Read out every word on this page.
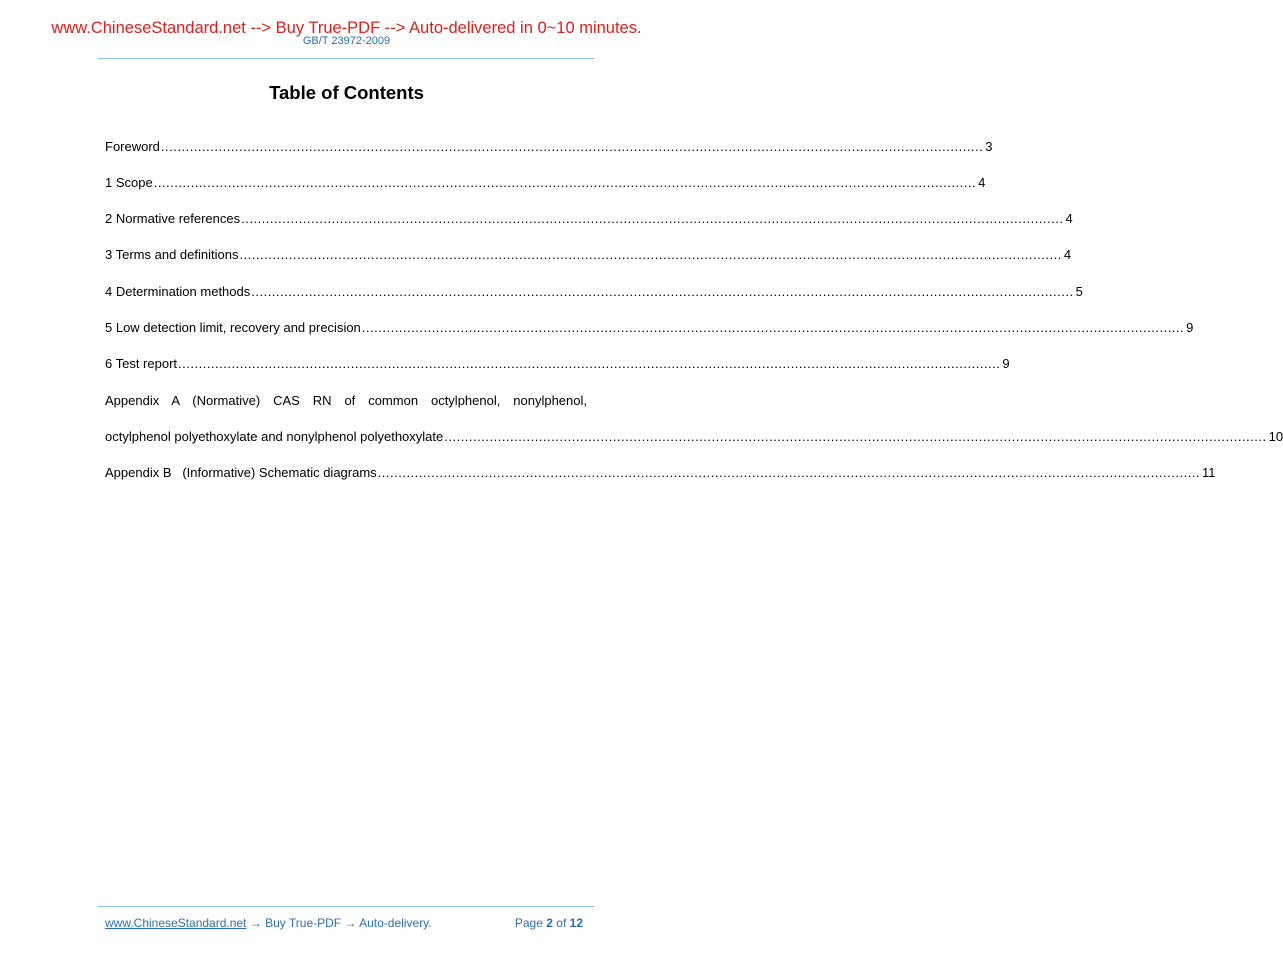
www.ChineseStandard.net --> Buy True-PDF --> Auto-delivered in 0~10 minutes.
GB/T 23972-2009
Table of Contents
Foreword ........................................................................................................................................................................................................ 3
1 Scope ........................................................................................................................................................................................................ 4
2 Normative references ........................................................................................................................................................................................................ 4
3 Terms and definitions ........................................................................................................................................................................................................ 4
4 Determination methods ........................................................................................................................................................................................................ 5
5 Low detection limit, recovery and precision ........................................................................................................................................................................................................ 9
6 Test report ........................................................................................................................................................................................................ 9
Appendix A (Normative) CAS RN of common octylphenol, nonylphenol,
octylphenol polyethoxylate and nonylphenol polyethoxylate ........................................................................................................................................................................................................ 10
Appendix B   (Informative) Schematic diagrams ........................................................................................................................................................................................................ 11
www.ChineseStandard.net → Buy True-PDF → Auto-delivery.	Page 2 of 12
